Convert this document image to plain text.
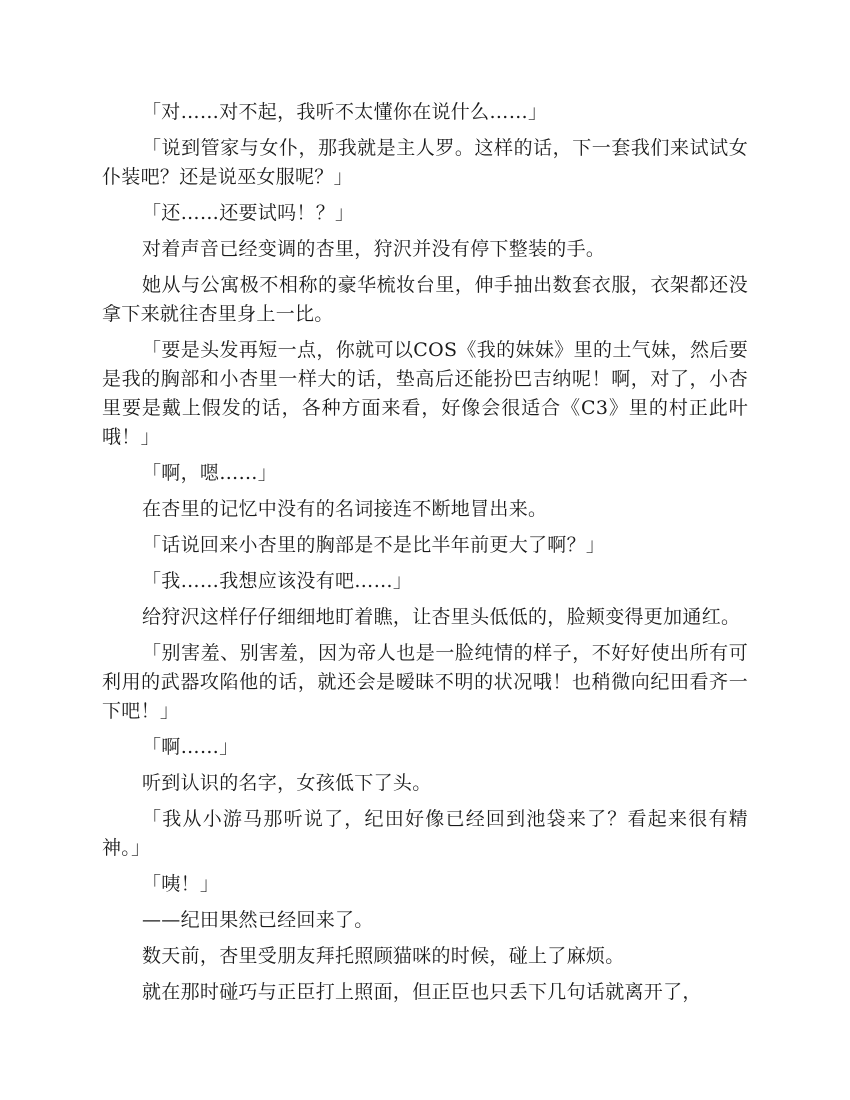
「对……对不起，我听不太懂你在说什么……」

「说到管家与女仆，那我就是主人罗。这样的话，下一套我们来试试女仆装吧？还是说巫女服呢？」

「还……还要试吗！？」

对着声音已经变调的杏里，狩沢并没有停下整装的手。

她从与公寓极不相称的豪华梳妆台里，伸手抽出数套衣服，衣架都还没拿下来就往杏里身上一比。

「要是头发再短一点，你就可以COS《我的妹妹》里的土气妹，然后要是我的胸部和小杏里一样大的话，垫高后还能扮巴吉纳呢！啊，对了，小杏里要是戴上假发的话，各种方面来看，好像会很适合《C3》里的村正此叶哦！」

「啊，嗯……」

在杏里的记忆中没有的名词接连不断地冒出来。

「话说回来小杏里的胸部是不是比半年前更大了啊？」

「我……我想应该没有吧……」

给狩沢这样仔仔细细地盯着瞧，让杏里头低低的，脸颊变得更加通红。

「别害羞、别害羞，因为帝人也是一脸纯情的样子，不好好使出所有可利用的武器攻陷他的话，就还会是暧昧不明的状况哦！也稍微向纪田看齐一下吧！」

「啊……」

听到认识的名字，女孩低下了头。

「我从小游马那听说了，纪田好像已经回到池袋来了？看起来很有精神。」

「咦！」

——纪田果然已经回来了。

数天前，杏里受朋友拜托照顾猫咪的时候，碰上了麻烦。

就在那时碰巧与正臣打上照面，但正臣也只丢下几句话就离开了，
